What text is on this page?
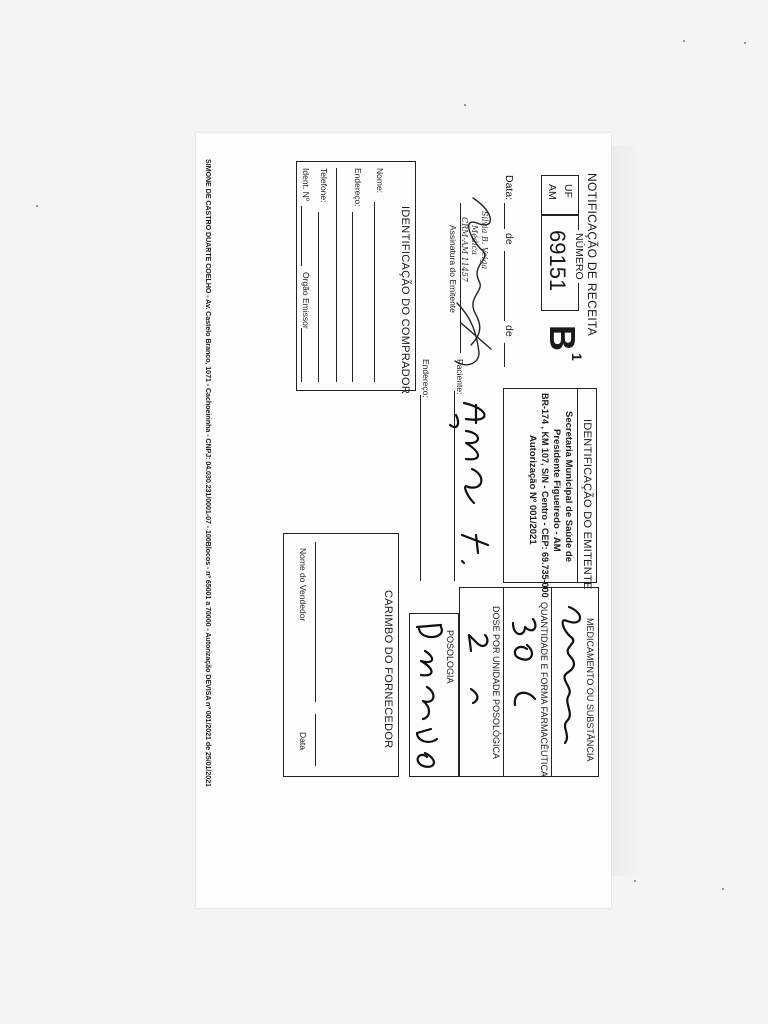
NOTIFICAÇÃO DE RECEITA
UF
AM
NÚMERO
69151
B
1
Data:
de
de
Assinatura do Emitente	Silvia B. Veiga
Médica
CRM-AM 11457
IDENTIFICAÇÃO DO COMPRADOR
Nome:
Endereço:
Telefone:
Ident. Nº
Órgão Emissor
IDENTIFICAÇÃO DO EMITENTE
Secretaria Municipal de Saúde de
Presidente Figueiredo - AM
BR-174 , KM 107, S/N - Centro - CEP: 69.735-000
Autorização Nº 001/2021
Paciente:
Endereço:
MEDICAMENTO OU SUBSTÂNCIA
QUANTIDADE E FORMA FARMACÊUTICA
DOSE POR UNIDADE POSOLÓGICA
POSOLOGIA
CARIMBO DO FORNECEDOR
Nome do Vendedor
Data
SIMONE DE CASTRO DUARTE COELHO - Av. Castelo Branco, 1071 - Cachoeirinha - CNPJ: 04.030.231/0001-07 - 100Blocos - nº 65001 a 70000 - Autorização DEVISA nº 001/2021 de 25/01/2021
